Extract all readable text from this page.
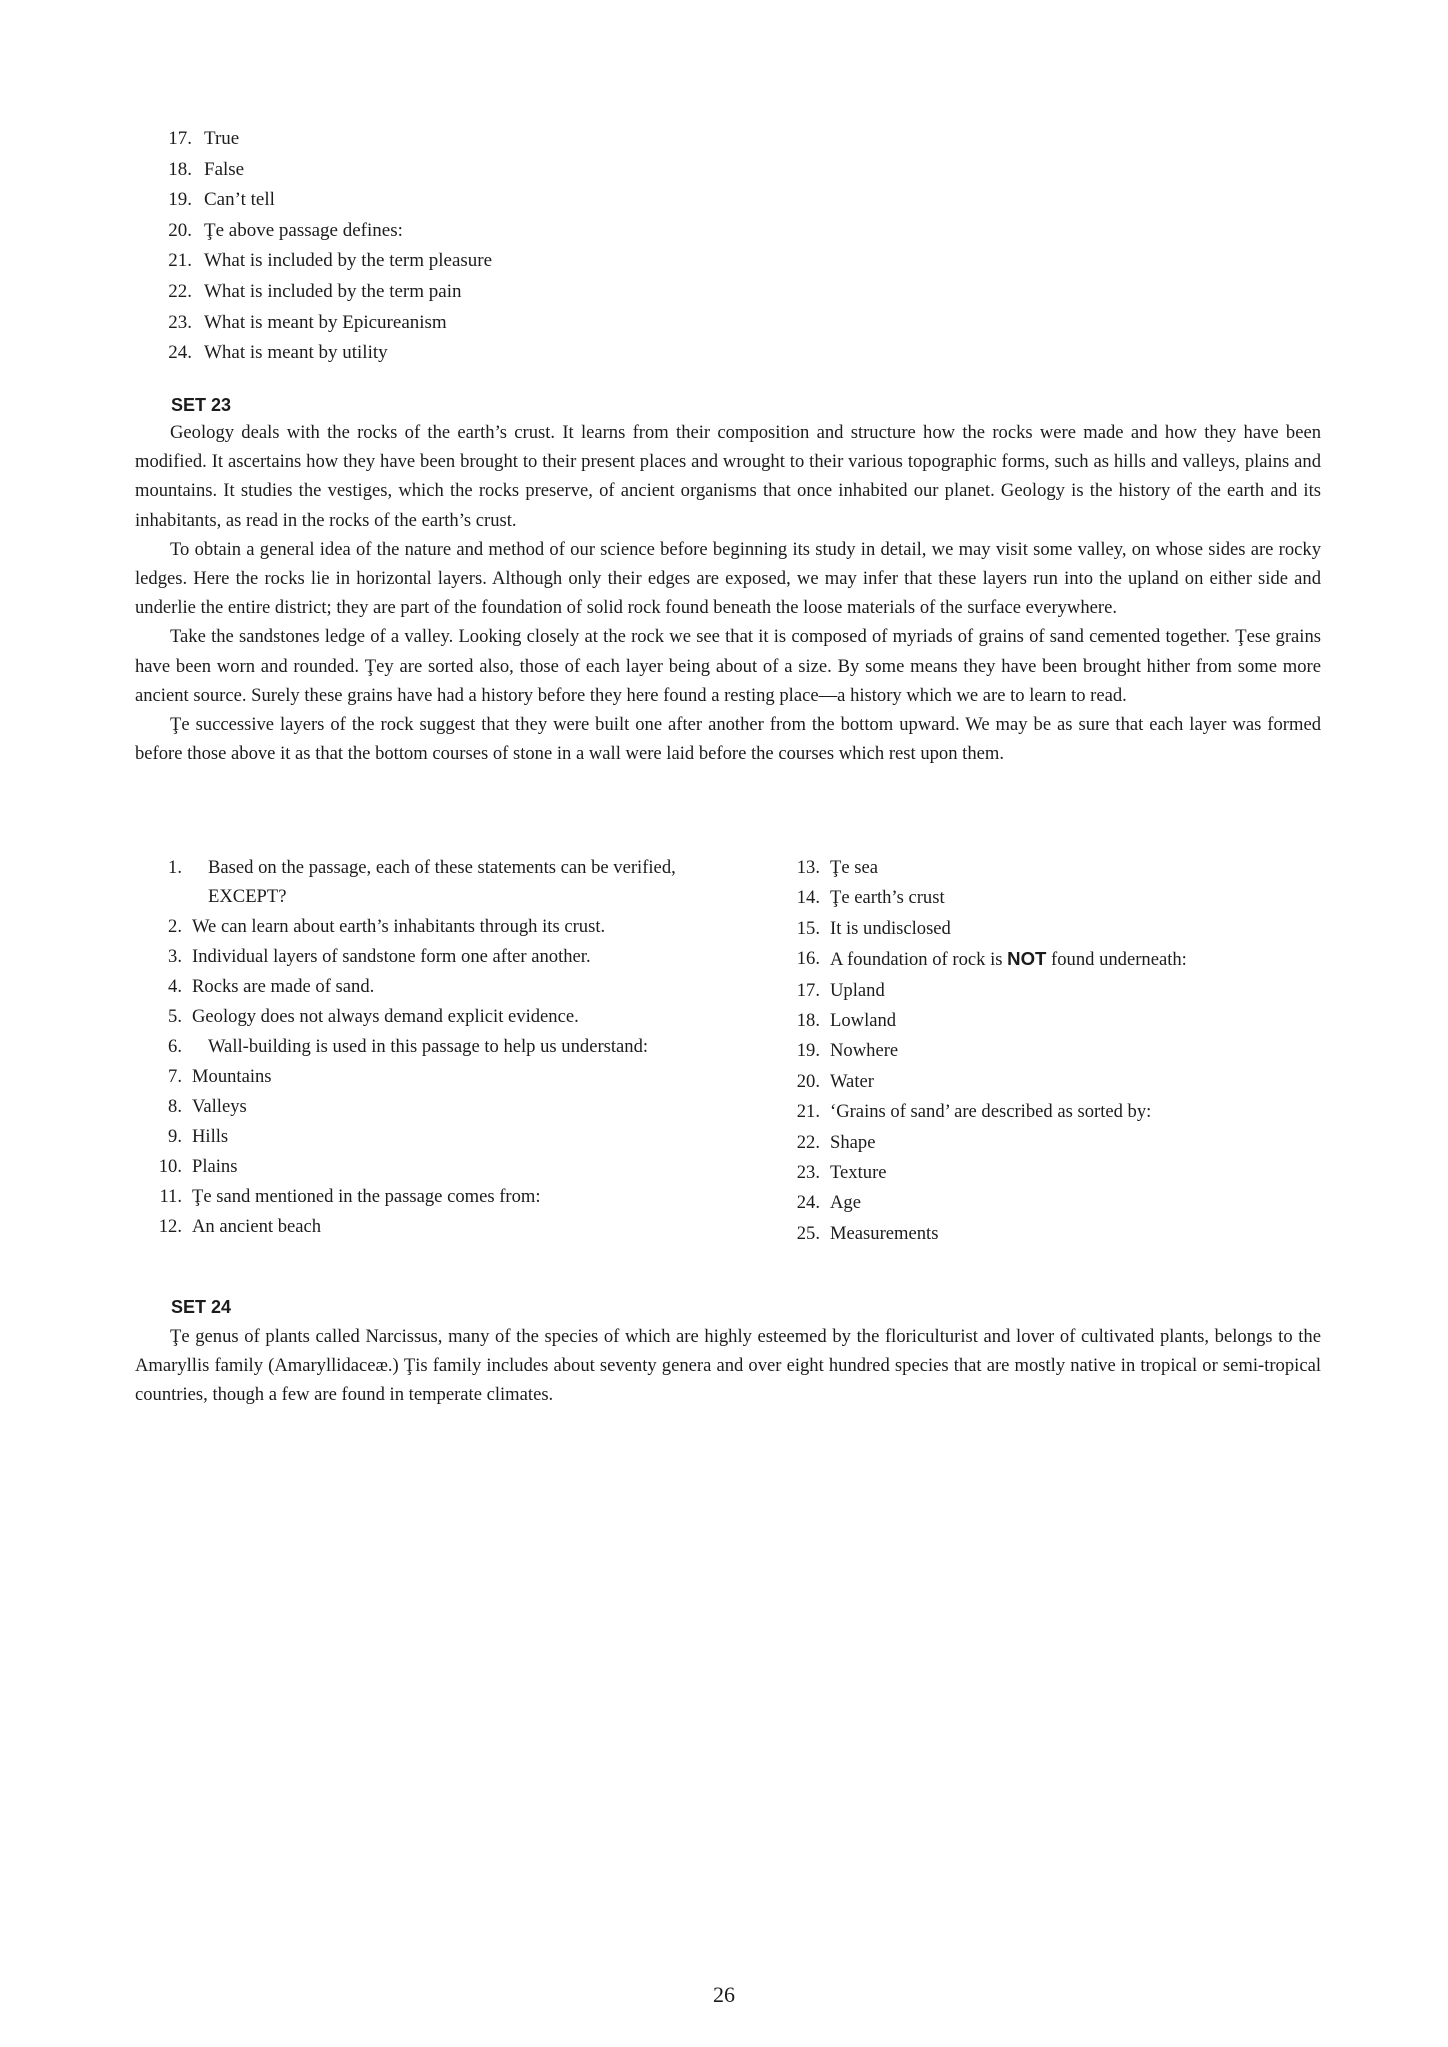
17. True
18. False
19. Can’t tell
20. Ţe above passage defines:
21. What is included by the term pleasure
22. What is included by the term pain
23. What is meant by Epicureanism
24. What is meant by utility
SET 23

Geology deals with the rocks of the earth’s crust. It learns from their composition and structure how the rocks were made and how they have been modified. It ascertains how they have been brought to their present places and wrought to their various topographic forms, such as hills and valleys, plains and mountains. It studies the vestiges, which the rocks preserve, of ancient organisms that once inhabited our planet. Geology is the history of the earth and its inhabitants, as read in the rocks of the earth’s crust.

To obtain a general idea of the nature and method of our science before beginning its study in detail, we may visit some valley, on whose sides are rocky ledges. Here the rocks lie in horizontal layers. Although only their edges are exposed, we may infer that these layers run into the upland on either side and underlie the entire district; they are part of the foundation of solid rock found beneath the loose materials of the surface everywhere.

Take the sandstones ledge of a valley. Looking closely at the rock we see that it is composed of myriads of grains of sand cemented together. Ţese grains have been worn and rounded. Ţey are sorted also, those of each layer being about of a size. By some means they have been brought hither from some more ancient source. Surely these grains have had a history before they here found a resting place—a history which we are to learn to read.

Ţe successive layers of the rock suggest that they were built one after another from the bottom upward. We may be as sure that each layer was formed before those above it as that the bottom courses of stone in a wall were laid before the courses which rest upon them.

1.	Based on the passage, each of these statements can be verified, EXCEPT?
2. We can learn about earth’s inhabitants through its crust.
3. Individual layers of sandstone form one after another.
4. Rocks are made of sand.
5. Geology does not always demand explicit evidence.
6.	Wall-building is used in this passage to help us understand:
7. Mountains
8. Valleys
9. Hills
10. Plains
11. Ţe sand mentioned in the passage comes from:
12. An ancient beach
13. Ţe sea
14. Ţe earth’s crust
15. It is undisclosed
16. A foundation of rock is NOT found underneath:
17. Upland
18. Lowland
19. Nowhere
20. Water
21. ‘Grains of sand’ are described as sorted by:
22. Shape
23. Texture
24. Age
25. Measurements
SET 24

Ţe genus of plants called Narcissus, many of the species of which are highly esteemed by the floriculturist and lover of cultivated plants, belongs to the Amaryllis family (Amaryllidaceæ.) Ţis family includes about seventy genera and over eight hundred species that are mostly native in tropical or semi-tropical countries, though a few are found in temperate climates.

26
